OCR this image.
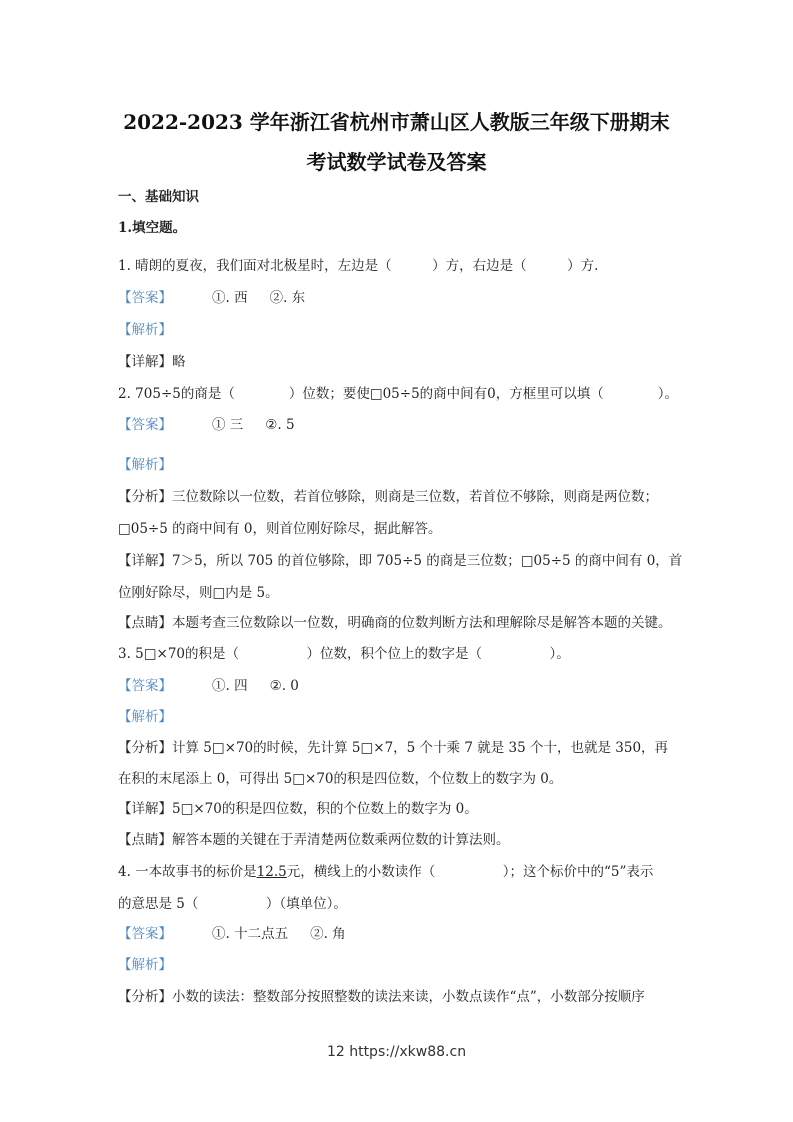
2022-2023 学年浙江省杭州市萧山区人教版三年级下册期末
考试数学试卷及答案
一、基础知识
1.填空题。
1. 晴朗的夏夜，我们面对北极星时，左边是（　　　）方，右边是（　　　）方.
【答案】	①. 西 ②. 东
【解析】
【详解】略
2. 705÷5的商是（　　　　）位数；要使□05÷5的商中间有0，方框里可以填（　　　　）。
【答案】	① 三 ②. 5
【解析】
【分析】三位数除以一位数，若首位够除，则商是三位数，若首位不够除，则商是两位数；
□05÷5 的商中间有 0，则首位刚好除尽，据此解答。
【详解】7＞5，所以 705 的首位够除，即 705÷5 的商是三位数；□05÷5 的商中间有 0，首
位刚好除尽，则□内是 5。
【点睛】本题考查三位数除以一位数，明确商的位数判断方法和理解除尽是解答本题的关键。
3. 5□×70的积是（　　　　　）位数，积个位上的数字是（　　　　　）。
【答案】	①. 四 ②. 0
【解析】
【分析】计算 5□×70的时候，先计算 5□×7，5 个十乘 7 就是 35 个十，也就是 350，再
在积的末尾添上 0，可得出 5□×70的积是四位数，个位数上的数字为 0。
【详解】5□×70的积是四位数，积的个位数上的数字为 0。
【点睛】解答本题的关键在于弄清楚两位数乘两位数的计算法则。
4. 一本故事书的标价是12.5元，横线上的小数读作（　　　　　）；这个标价中的“5”表示
的意思是 5（　　　　　）（填单位）。
【答案】	①. 十二点五 ②. 角
【解析】
【分析】小数的读法：整数部分按照整数的读法来读，小数点读作“点”，小数部分按顺序
12 https://xkw88.cn
